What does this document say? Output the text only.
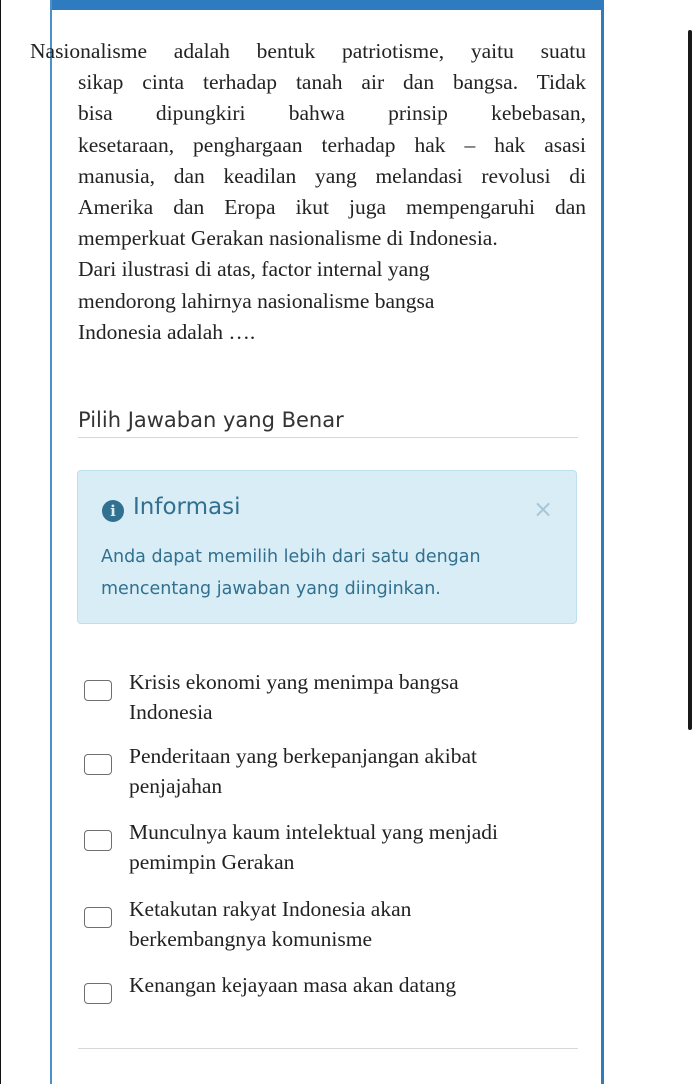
Nasionalisme adalah bentuk patriotisme, yaitu suatu
sikap cinta terhadap tanah air dan bangsa. Tidak
bisa dipungkiri bahwa prinsip kebebasan,
kesetaraan, penghargaan terhadap hak – hak asasi
manusia, dan keadilan yang melandasi revolusi di
Amerika dan Eropa ikut juga mempengaruhi dan
memperkuat Gerakan nasionalisme di Indonesia.
Dari ilustrasi di atas, factor internal yang
mendorong lahirnya nasionalisme bangsa
Indonesia adalah ….
Pilih Jawaban yang Benar
i Informasi	×
Anda dapat memilih lebih dari satu dengan
mencentang jawaban yang diinginkan.
Krisis ekonomi yang menimpa bangsa
Indonesia
Penderitaan yang berkepanjangan akibat
penjajahan
Munculnya kaum intelektual yang menjadi
pemimpin Gerakan
Ketakutan rakyat Indonesia akan
berkembangnya komunisme
Kenangan kejayaan masa akan datang
